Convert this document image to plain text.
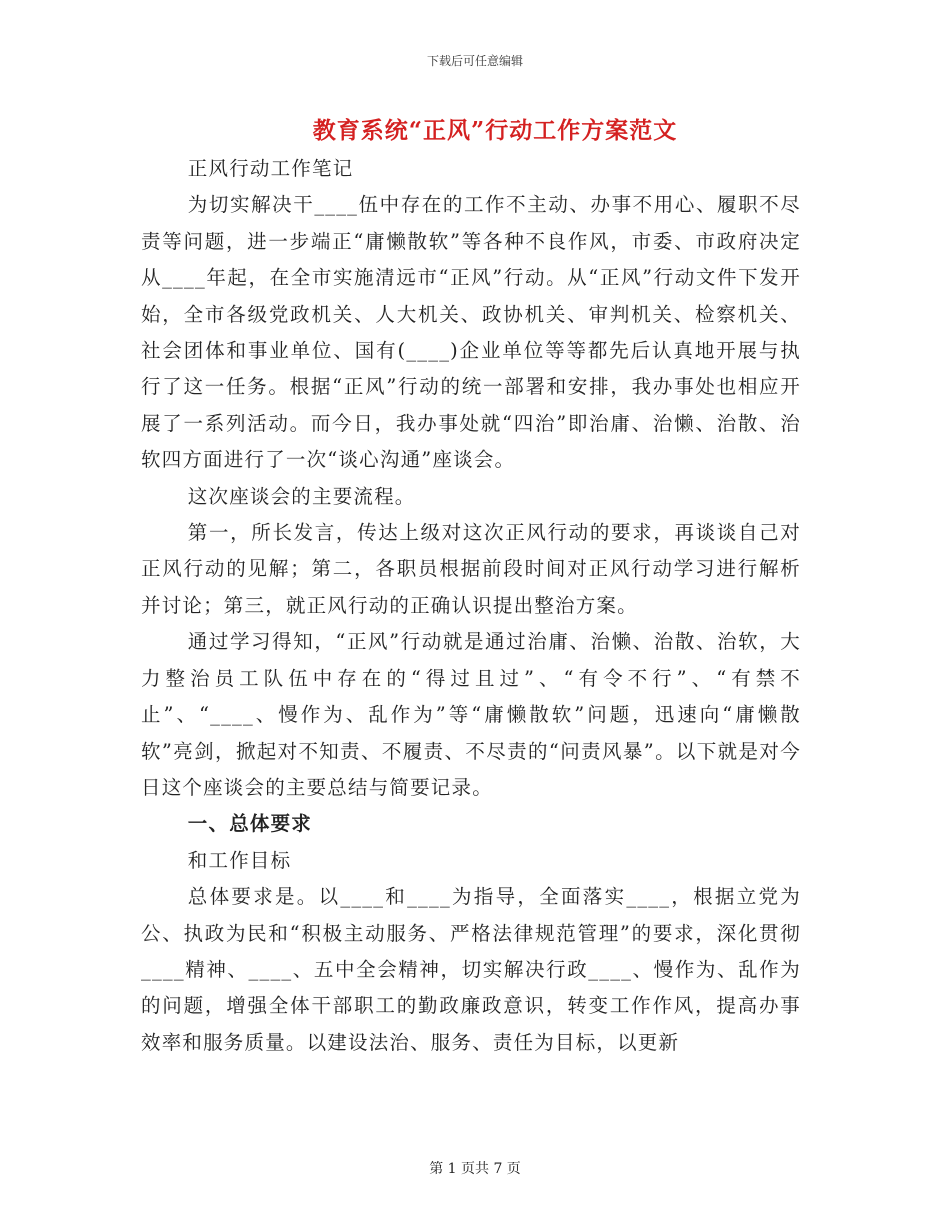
下载后可任意编辑
教育系统“正风”行动工作方案范文

正风行动工作笔记

为切实解决干____伍中存在的工作不主动、办事不用心、履职不尽责等问题，进一步端正“庸懒散软”等各种不良作风，市委、市政府决定从____年起，在全市实施清远市“正风”行动。从“正风”行动文件下发开始，全市各级党政机关、人大机关、政协机关、审判机关、检察机关、社会团体和事业单位、国有(____)企业单位等等都先后认真地开展与执行了这一任务。根据“正风”行动的统一部署和安排，我办事处也相应开展了一系列活动。而今日，我办事处就“四治”即治庸、治懒、治散、治软四方面进行了一次“谈心沟通”座谈会。

这次座谈会的主要流程。

第一，所长发言，传达上级对这次正风行动的要求，再谈谈自己对正风行动的见解；第二，各职员根据前段时间对正风行动学习进行解析并讨论；第三，就正风行动的正确认识提出整治方案。

通过学习得知，“正风”行动就是通过治庸、治懒、治散、治软，大力整治员工队伍中存在的“得过且过”、“有令不行”、“有禁不止”、“____、慢作为、乱作为”等“庸懒散软”问题，迅速向“庸懒散软”亮剑，掀起对不知责、不履责、不尽责的“问责风暴”。以下就是对今日这个座谈会的主要总结与简要记录。

一、总体要求

和工作目标

总体要求是。以____和____为指导，全面落实____，根据立党为公、执政为民和“积极主动服务、严格法律规范管理”的要求，深化贯彻____精神、____、五中全会精神，切实解决行政____、慢作为、乱作为的问题，增强全体干部职工的勤政廉政意识，转变工作作风，提高办事效率和服务质量。以建设法治、服务、责任为目标，以更新

第 1 页共 7 页
